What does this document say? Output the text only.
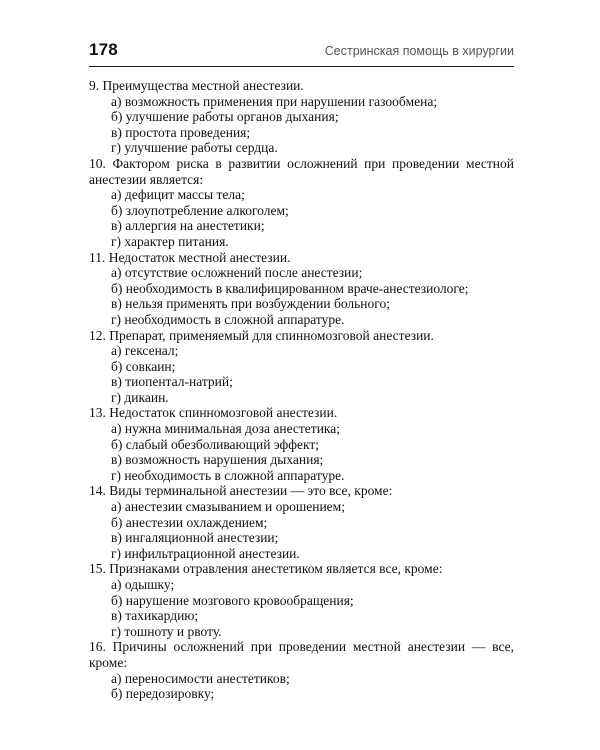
178	Сестринская помощь в хирургии
9. Преимущества местной анестезии.
а) возможность применения при нарушении газообмена;
б) улучшение работы органов дыхания;
в) простота проведения;
г) улучшение работы сердца.
10. Фактором риска в развитии осложнений при проведении местной анестезии является:
а) дефицит массы тела;
б) злоупотребление алкоголем;
в) аллергия на анестетики;
г) характер питания.
11. Недостаток местной анестезии.
а) отсутствие осложнений после анестезии;
б) необходимость в квалифицированном враче-анестезиологе;
в) нельзя применять при возбуждении больного;
г) необходимость в сложной аппаратуре.
12. Препарат, применяемый для спинномозговой анестезии.
а) гексенал;
б) совкаин;
в) тиопентал-натрий;
г) дикаин.
13. Недостаток спинномозговой анестезии.
а) нужна минимальная доза анестетика;
б) слабый обезболивающий эффект;
в) возможность нарушения дыхания;
г) необходимость в сложной аппаратуре.
14. Виды терминальной анестезии — это все, кроме:
а) анестезии смазыванием и орошением;
б) анестезии охлаждением;
в) ингаляционной анестезии;
г) инфильтрационной анестезии.
15. Признаками отравления анестетиком является все, кроме:
а) одышку;
б) нарушение мозгового кровообращения;
в) тахикардию;
г) тошноту и рвоту.
16. Причины осложнений при проведении местной анестезии — все, кроме:
а) переносимости анестетиков;
б) передозировку;
